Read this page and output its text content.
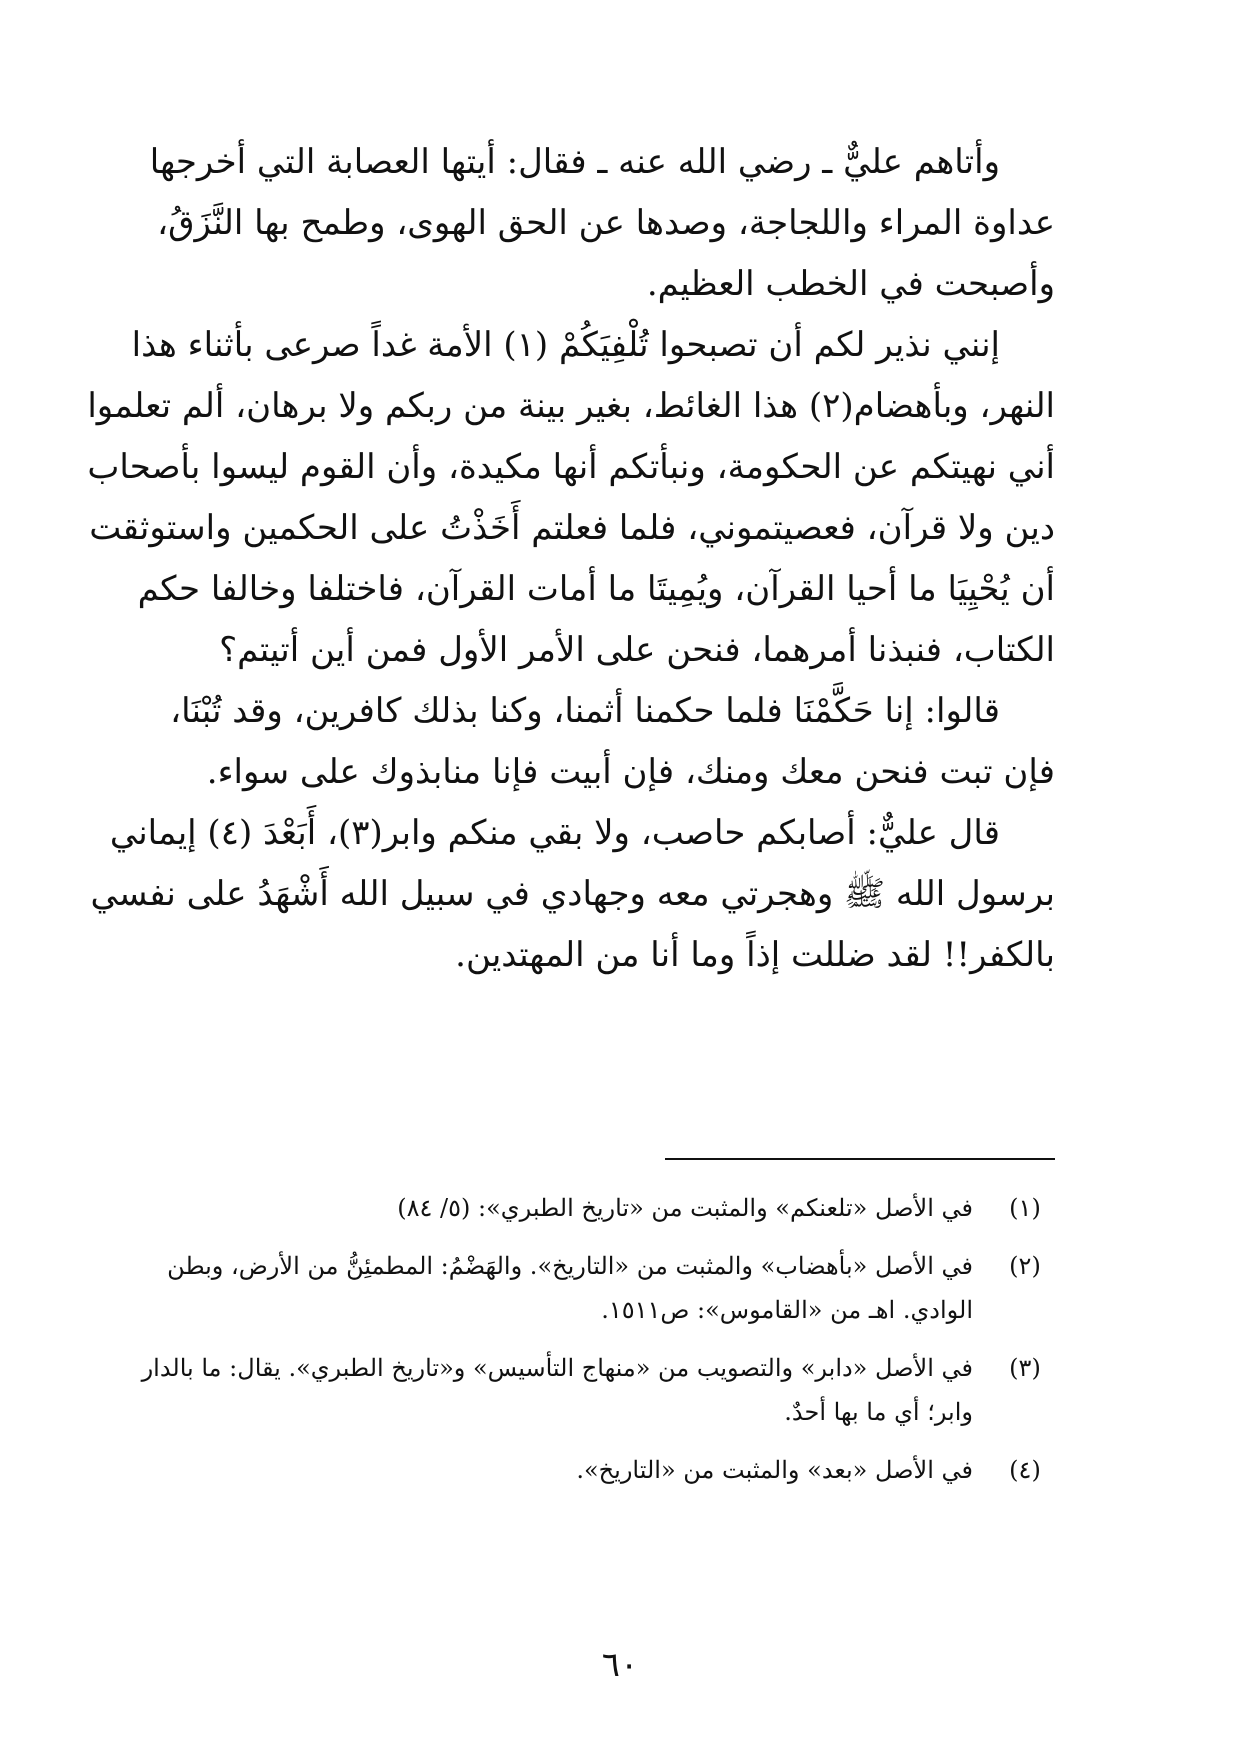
وأتاهم عليٌّ ـ رضي الله عنه ـ فقال: أيتها العصابة التي أخرجها
عداوة المراء واللجاجة، وصدها عن الحق الهوى، وطمح بها النَّزَقُ،
وأصبحت في الخطب العظيم.
إنني نذير لكم أن تصبحوا تُلْفِيَكُمْ (١) الأمة غداً صرعى بأثناء هذا
النهر، وبأهضام(٢) هذا الغائط، بغير بينة من ربكم ولا برهان، ألم تعلموا
أني نهيتكم عن الحكومة، ونبأتكم أنها مكيدة، وأن القوم ليسوا بأصحاب
دين ولا قرآن، فعصيتموني، فلما فعلتم أَخَذْتُ على الحكمين واستوثقت
أن يُحْيِيَا ما أحيا القرآن، ويُمِيتَا ما أمات القرآن، فاختلفا وخالفا حكم
الكتاب، فنبذنا أمرهما، فنحن على الأمر الأول فمن أين أتيتم؟
قالوا: إنا حَكَّمْنَا فلما حكمنا أثمنا، وكنا بذلك كافرين، وقد تُبْنَا،
فإن تبت فنحن معك ومنك، فإن أبيت فإنا منابذوك على سواء.
قال عليٌّ: أصابكم حاصب، ولا بقي منكم وابر(٣)، أَبَعْدَ (٤) إيماني
برسول الله ﷺ وهجرتي معه وجهادي في سبيل الله أَشْهَدُ على نفسي
بالكفر!! لقد ضللت إذاً وما أنا من المهتدين.
(١)
في الأصل «تلعنكم» والمثبت من «تاريخ الطبري»: (٥/ ٨٤)
(٢)
في الأصل «بأهضاب» والمثبت من «التاريخ». والهَضْمُ: المطمئِنُّ من الأرض، وبطن
الوادي. اهـ من «القاموس»: ص١٥١١.
(٣)
في الأصل «دابر» والتصويب من «منهاج التأسيس» و«تاريخ الطبري». يقال: ما بالدار
وابر؛ أي ما بها أحدٌ.
(٤)
في الأصل «بعد» والمثبت من «التاريخ».
٦٠
